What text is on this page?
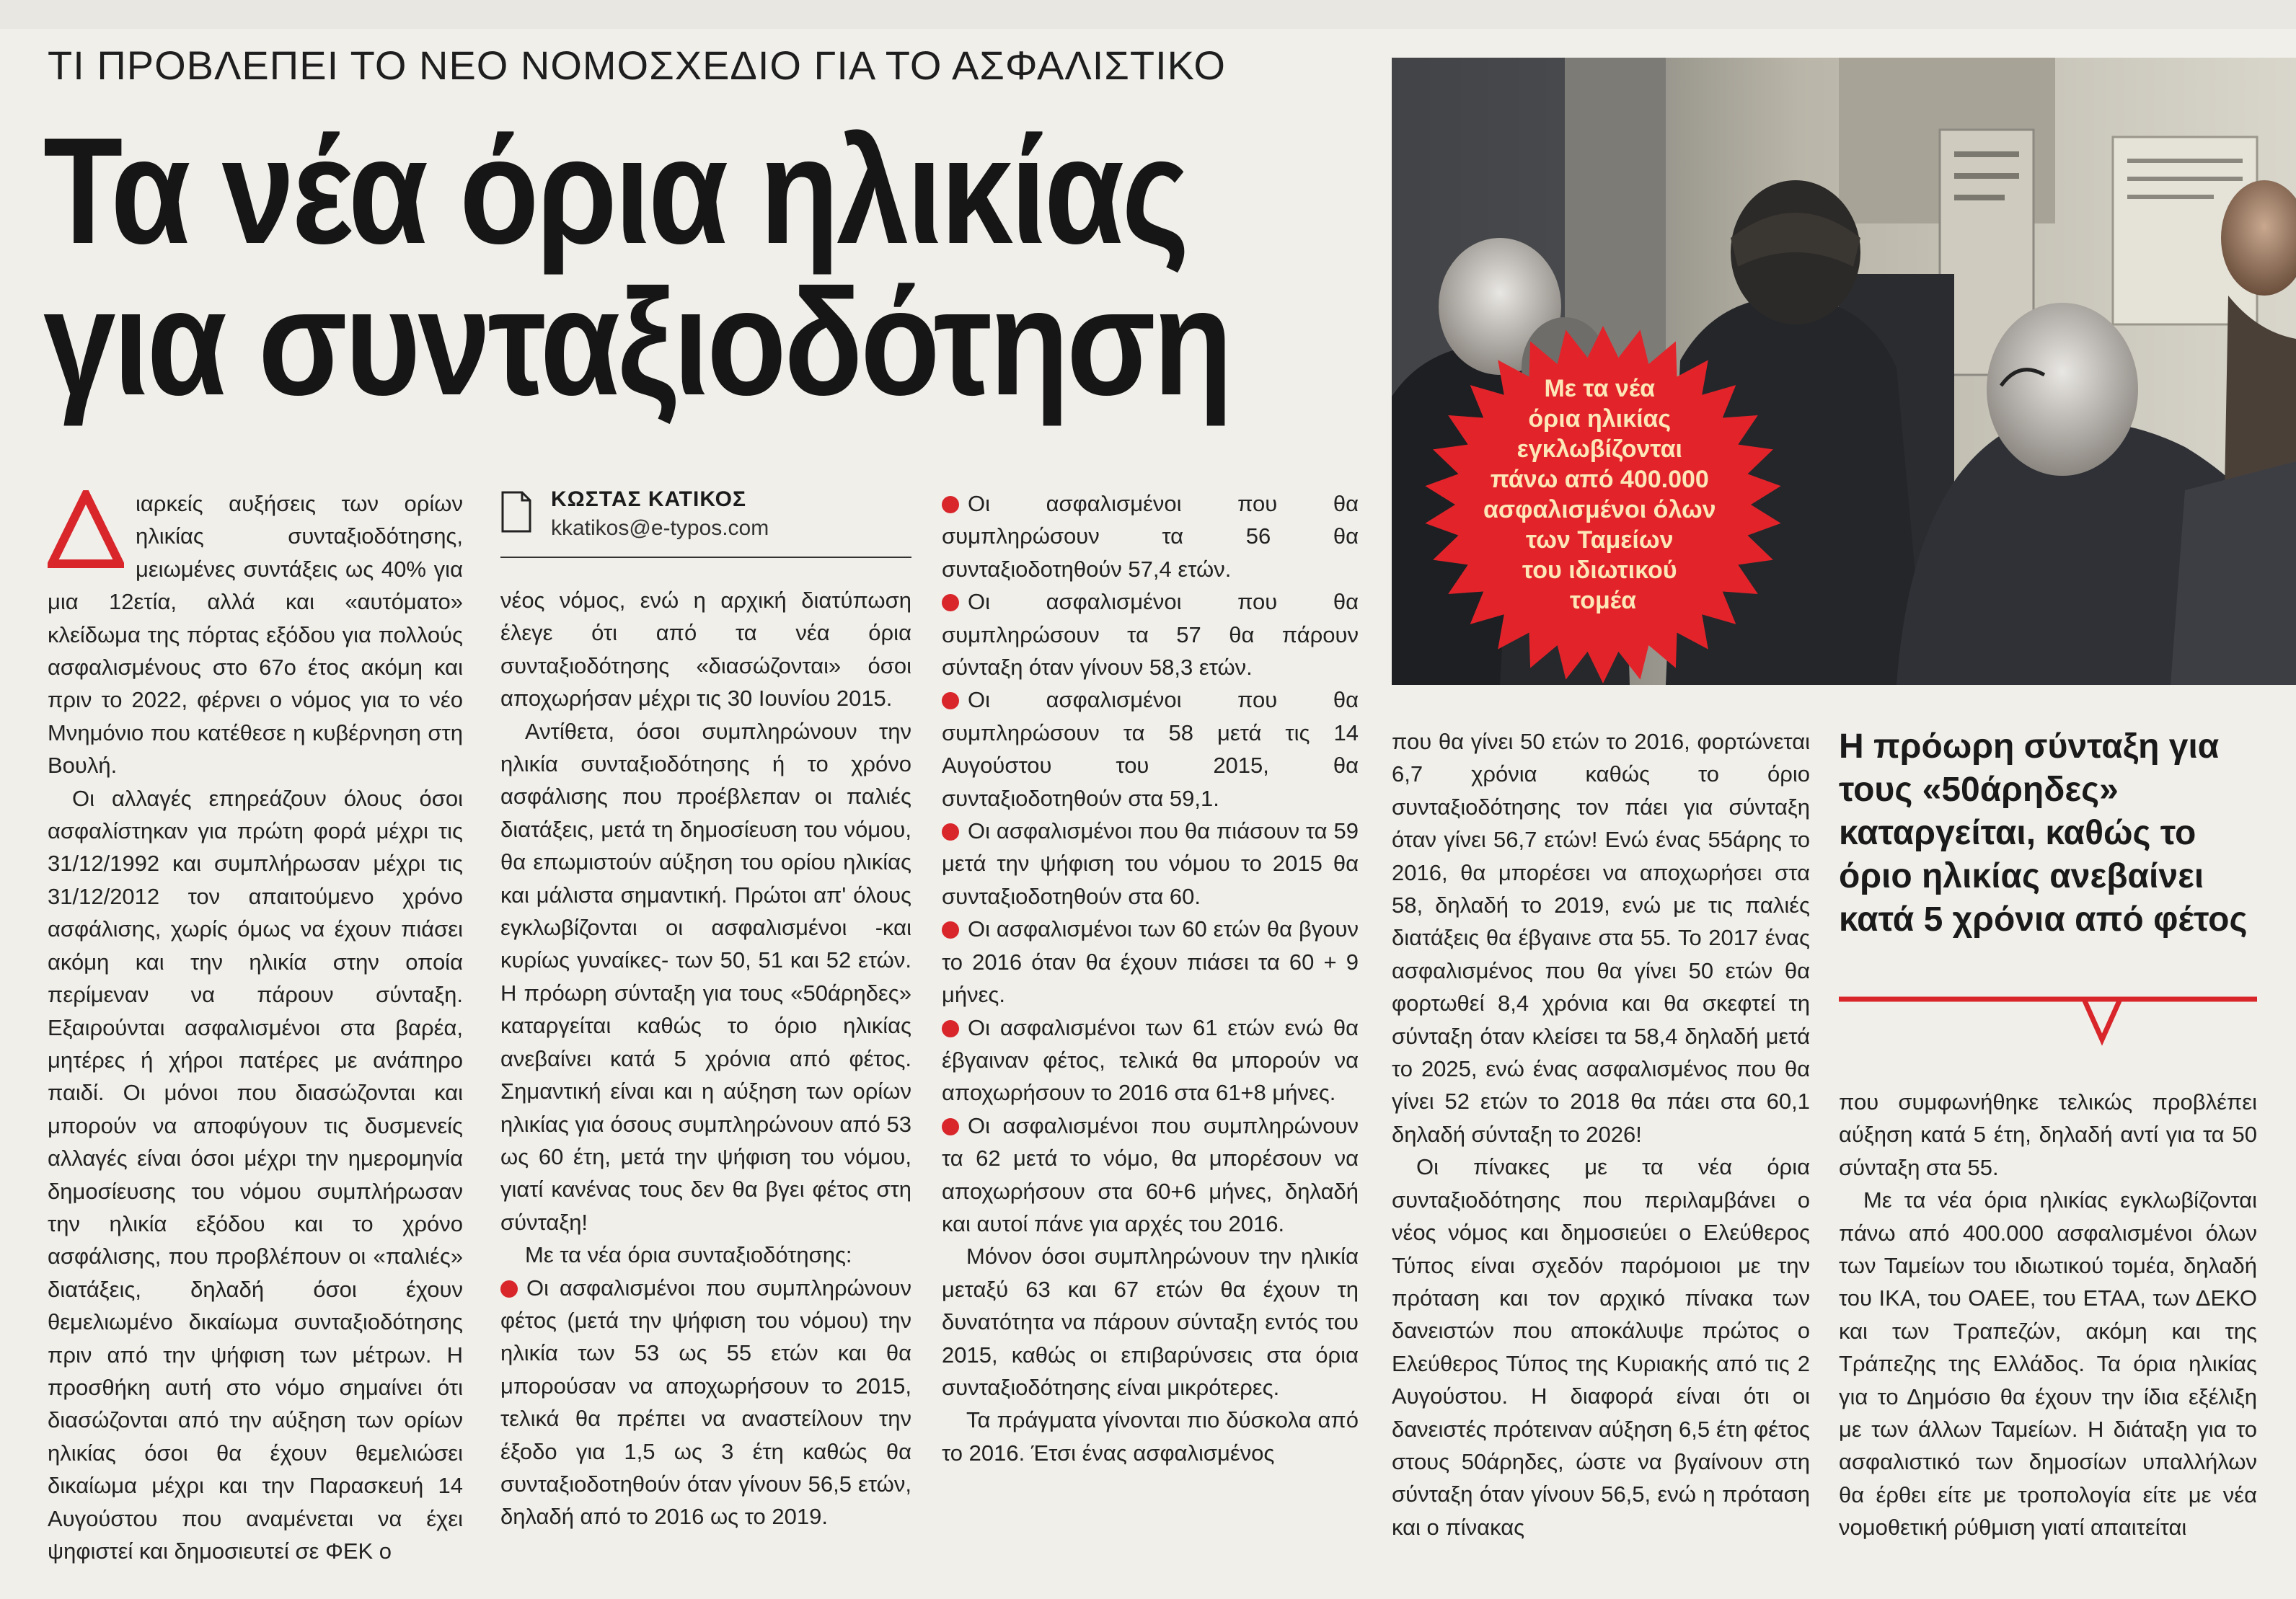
ΤΙ ΠΡΟΒΛΕΠΕΙ ΤΟ ΝΕΟ ΝΟΜΟΣΧΕΔΙΟ ΓΙΑ ΤΟ ΑΣΦΑΛΙΣΤΙΚΟ
Τα νέα όρια ηλικίας
για συνταξιοδότηση

ιαρκείς αυξήσεις των ορίων ηλικίας συνταξιοδότησης, μειωμένες συντάξεις ως 40% για μια 12ετία, αλλά και «αυτόματο» κλείδωμα της πόρτας εξόδου για πολλούς ασφαλισμένους στο 67ο έτος ακόμη και πριν το 2022, φέρνει ο νόμος για το νέο Μνημόνιο που κατέθεσε η κυβέρνηση στη Βουλή.

Οι αλλαγές επηρεάζουν όλους όσοι ασφαλίστηκαν για πρώτη φορά μέχρι τις 31/12/1992 και συμπλήρωσαν μέχρι τις 31/12/2012 τον απαιτούμενο χρόνο ασφάλισης, χωρίς όμως να έχουν πιάσει ακόμη και την ηλικία στην οποία περίμεναν να πάρουν σύνταξη. Εξαιρούνται ασφαλισμένοι στα βαρέα, μητέρες ή χήροι πατέρες με ανάπηρο παιδί. Οι μόνοι που διασώζονται και μπορούν να αποφύγουν τις δυσμενείς αλλαγές είναι όσοι μέχρι την ημερομηνία δημοσίευσης του νόμου συμπλήρωσαν την ηλικία εξόδου και το χρόνο ασφάλισης, που προβλέπουν οι «παλιές» διατάξεις, δηλαδή όσοι έχουν θεμελιωμένο δικαίωμα συνταξιοδότησης πριν από την ψήφιση των μέτρων. Η προσθήκη αυτή στο νόμο σημαίνει ότι διασώζονται από την αύξηση των ορίων ηλικίας όσοι θα έχουν θεμελιώσει δικαίωμα μέχρι και την Παρασκευή 14 Αυγούστου που αναμένεται να έχει ψηφιστεί και δημοσιευτεί σε ΦΕΚ ο

ΚΩΣΤΑΣ ΚΑΤΙΚΟΣ
kkatikos@e-typos.com

νέος νόμος, ενώ η αρχική διατύπωση έλεγε ότι από τα νέα όρια συνταξιοδότησης «διασώζονται» όσοι αποχωρήσαν μέχρι τις 30 Ιουνίου 2015.

Αντίθετα, όσοι συμπληρώνουν την ηλικία συνταξιοδότησης ή το χρόνο ασφάλισης που προέβλεπαν οι παλιές διατάξεις, μετά τη δημοσίευση του νόμου, θα επωμιστούν αύξηση του ορίου ηλικίας και μάλιστα σημαντική. Πρώτοι απ' όλους εγκλωβίζονται οι ασφαλισμένοι -και κυρίως γυναίκες- των 50, 51 και 52 ετών. Η πρόωρη σύνταξη για τους «50άρηδες» καταργείται καθώς το όριο ηλικίας ανεβαίνει κατά 5 χρόνια από φέτος. Σημαντική είναι και η αύξηση των ορίων ηλικίας για όσους συμπληρώνουν από 53 ως 60 έτη, μετά την ψήφιση του νόμου, γιατί κανένας τους δεν θα βγει φέτος στη σύνταξη!

Με τα νέα όρια συνταξιοδότησης:

Οι ασφαλισμένοι που συμπληρώνουν φέτος (μετά την ψήφιση του νόμου) την ηλικία των 53 ως 55 ετών και θα μπορούσαν να αποχωρήσουν το 2015, τελικά θα πρέπει να αναστείλουν την έξοδο για 1,5 ως 3 έτη καθώς θα συνταξιοδοτηθούν όταν γίνουν 56,5 ετών, δηλαδή από το 2016 ως το 2019.

Οι ασφαλισμένοι που θα συμπληρώσουν τα 56 θα συνταξιοδοτηθούν 57,4 ετών.

Οι ασφαλισμένοι που θα συμπληρώσουν τα 57 θα πάρουν σύνταξη όταν γίνουν 58,3 ετών.

Οι ασφαλισμένοι που θα συμπληρώσουν τα 58 μετά τις 14 Αυγούστου του 2015, θα συνταξιοδοτηθούν στα 59,1.

Οι ασφαλισμένοι που θα πιάσουν τα 59 μετά την ψήφιση του νόμου το 2015 θα συνταξιοδοτηθούν στα 60.

Οι ασφαλισμένοι των 60 ετών θα βγουν το 2016 όταν θα έχουν πιάσει τα 60 + 9 μήνες.

Οι ασφαλισμένοι των 61 ετών ενώ θα έβγαιναν φέτος, τελικά θα μπορούν να αποχωρήσουν το 2016 στα 61+8 μήνες.

Οι ασφαλισμένοι που συμπληρώνουν τα 62 μετά το νόμο, θα μπορέσουν να αποχωρήσουν στα 60+6 μήνες, δηλαδή και αυτοί πάνε για αρχές του 2016.

Μόνον όσοι συμπληρώνουν την ηλικία μεταξύ 63 και 67 ετών θα έχουν τη δυνατότητα να πάρουν σύνταξη εντός του 2015, καθώς οι επιβαρύνσεις στα όρια συνταξιοδότησης είναι μικρότερες.

Τα πράγματα γίνονται πιο δύσκολα από το 2016. Έτσι ένας ασφαλισμένος

Με τα νέα όρια ηλικίας εγκλωβίζονται πάνω από 400.000 ασφαλισμένοι όλων των Ταμείων του ιδιωτικού τομέα

που θα γίνει 50 ετών το 2016, φορτώνεται 6,7 χρόνια καθώς το όριο συνταξιοδότησης τον πάει για σύνταξη όταν γίνει 56,7 ετών! Ενώ ένας 55άρης το 2016, θα μπορέσει να αποχωρήσει στα 58, δηλαδή το 2019, ενώ με τις παλιές διατάξεις θα έβγαινε στα 55. Το 2017 ένας ασφαλισμένος που θα γίνει 50 ετών θα φορτωθεί 8,4 χρόνια και θα σκεφτεί τη σύνταξη όταν κλείσει τα 58,4 δηλαδή μετά το 2025, ενώ ένας ασφαλισμένος που θα γίνει 52 ετών το 2018 θα πάει στα 60,1 δηλαδή σύνταξη το 2026!

Οι πίνακες με τα νέα όρια συνταξιοδότησης που περιλαμβάνει ο νέος νόμος και δημοσιεύει ο Ελεύθερος Τύπος είναι σχεδόν παρόμοιοι με την πρόταση και τον αρχικό πίνακα των δανειστών που αποκάλυψε πρώτος ο Ελεύθερος Τύπος της Κυριακής από τις 2 Αυγούστου. Η διαφορά είναι ότι οι δανειστές πρότειναν αύξηση 6,5 έτη φέτος στους 50άρηδες, ώστε να βγαίνουν στη σύνταξη όταν γίνουν 56,5, ενώ η πρόταση και ο πίνακας

Η πρόωρη σύνταξη για τους «50άρηδες» καταργείται, καθώς το όριο ηλικίας ανεβαίνει κατά 5 χρόνια από φέτος

που συμφωνήθηκε τελικώς προβλέπει αύξηση κατά 5 έτη, δηλαδή αντί για τα 50 σύνταξη στα 55.

Με τα νέα όρια ηλικίας εγκλωβίζονται πάνω από 400.000 ασφαλισμένοι όλων των Ταμείων του ιδιωτικού τομέα, δηλαδή του ΙΚΑ, του ΟΑΕΕ, του ΕΤΑΑ, των ΔΕΚΟ και των Τραπεζών, ακόμη και της Τράπεζης της Ελλάδος. Τα όρια ηλικίας για το Δημόσιο θα έχουν την ίδια εξέλιξη με των άλλων Ταμείων. Η διάταξη για το ασφαλιστικό των δημοσίων υπαλλήλων θα έρθει είτε με τροπολογία είτε με νέα νομοθετική ρύθμιση γιατί απαιτείται
